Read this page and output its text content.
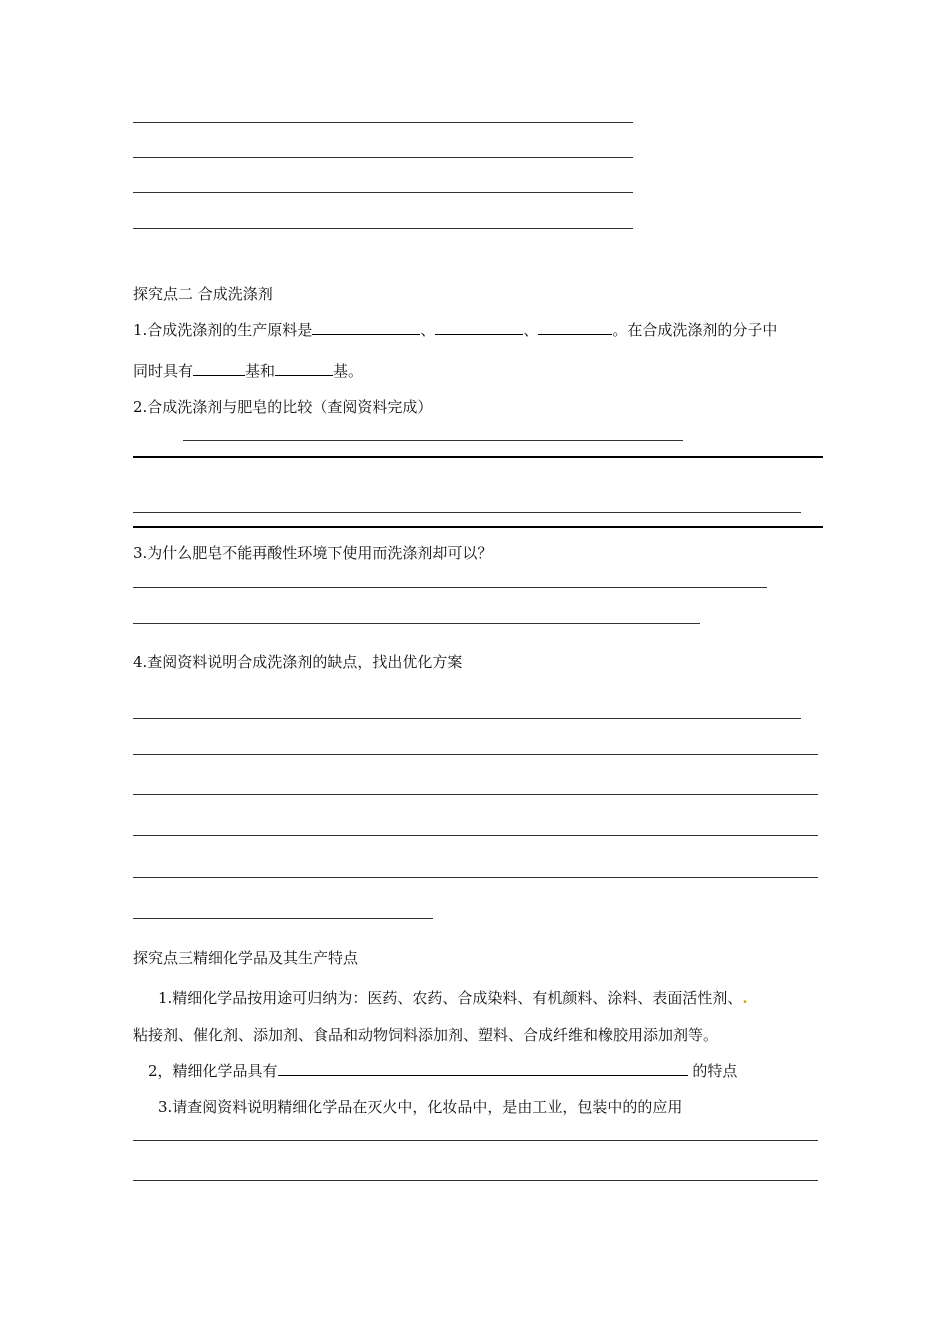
探究点二 合成洗涤剂
1.合成洗涤剂的生产原料是	、	、	。在合成洗涤剂的分子中
同时具有	基和	基。
2.合成洗涤剂与肥皂的比较（查阅资料完成）
3.为什么肥皂不能再酸性环境下使用而洗涤剂却可以？
4.查阅资料说明合成洗涤剂的缺点，找出优化方案
探究点三精细化学品及其生产特点
1.精细化学品按用途可归纳为：医药、农药、合成染料、有机颜料、涂料、表面活性剂、.
粘接剂、催化剂、添加剂、食品和动物饲料添加剂、塑料、合成纤维和橡胶用添加剂等。
2，精细化学品具有	的特点
3.请查阅资料说明精细化学品在灭火中，化妆品中，是由工业，包装中的的应用
